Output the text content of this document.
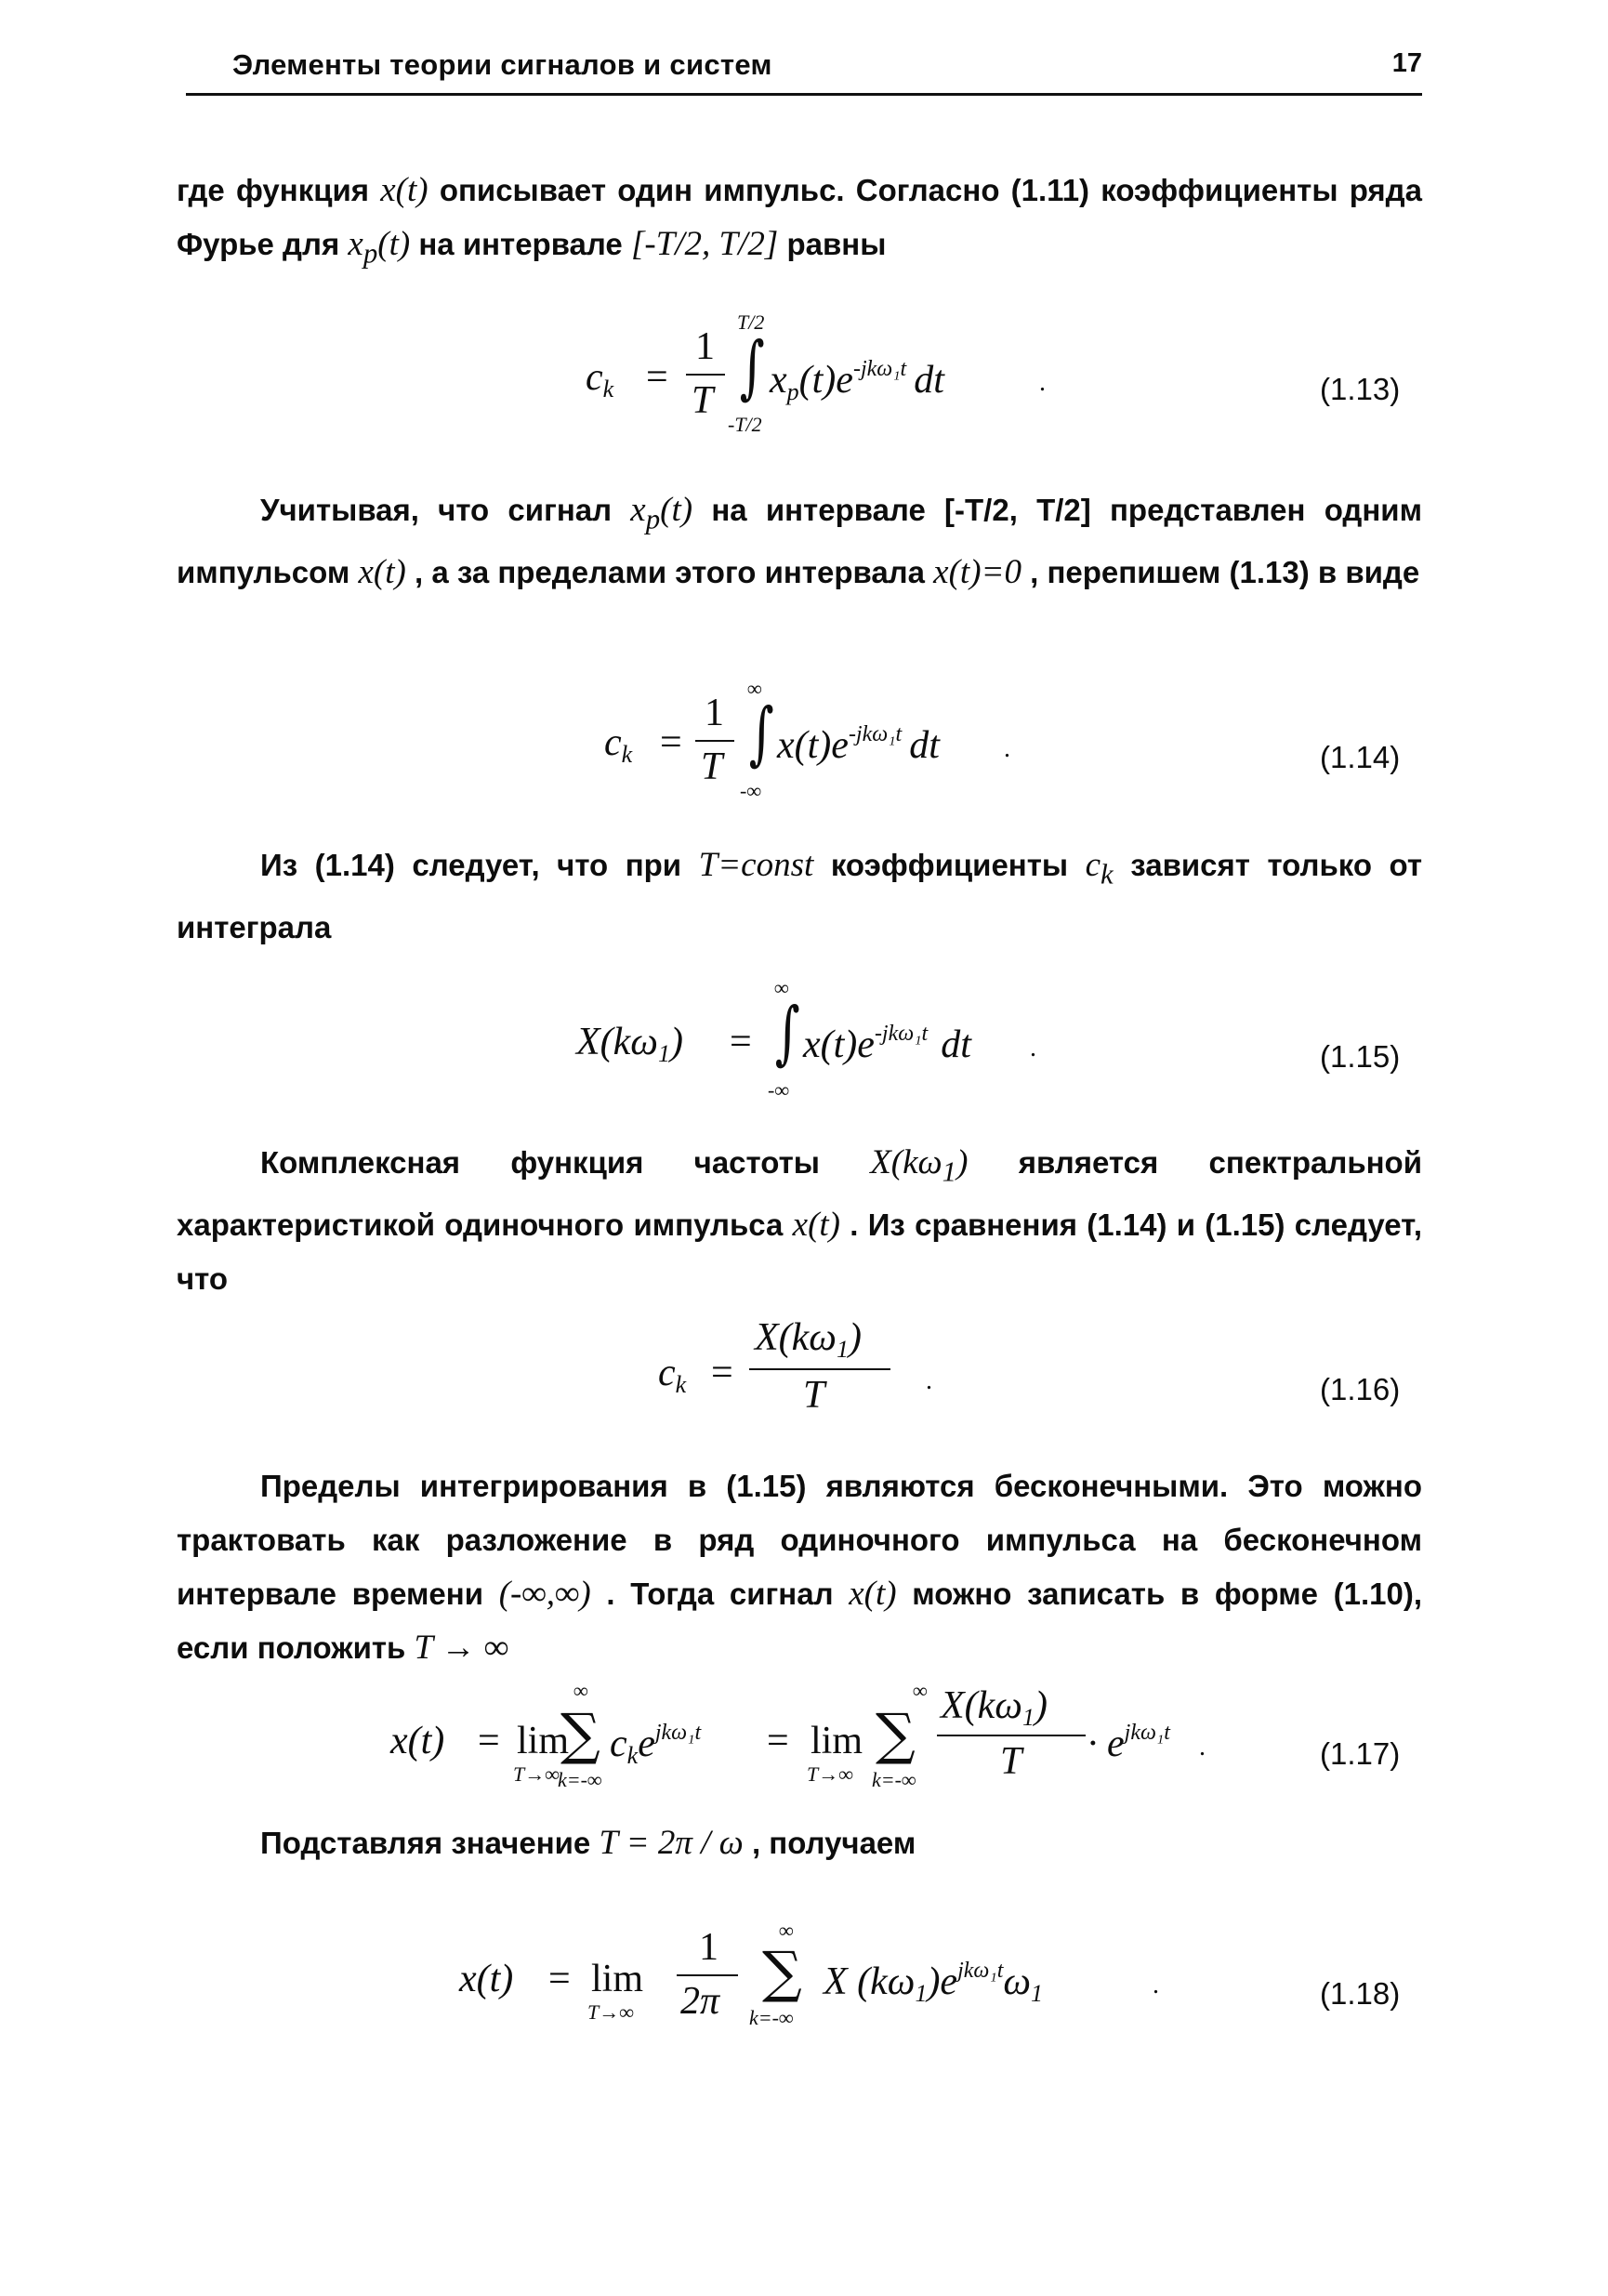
Элементы теории сигналов и систем	17
где функция x(t) описывает один импульс. Согласно (1.11) коэффициенты ряда Фурье для $x_p(t)$ на интервале [-T/2, T/2] равны
$c_k$ =
1
T
T/2
∫
-T/2
$x_p(t)e^{-jk\omega_1t}$ dt	.	(1.13)
Учитывая, что сигнал $x_p(t)$ на интервале [-T/2, T/2] представлен одним импульсом x(t) , а за пределами этого интервала x(t)=0 , перепишем (1.13) в виде
$c_k$ =
1
T
∞
∫
-∞
$x(t)e^{-jk\omega_1t}$ dt .	(1.14)
Из (1.14) следует, что при T=const коэффициенты $c_k$ зависят только от интеграла
$X(k\omega_1)$ =
∞
∫
-∞
$x(t)e^{-jk\omega_1t}$ dt .	(1.15)
Комплексная функция частоты $X(k\omega_1)$ является спектральной характеристикой одиночного импульса x(t) . Из сравнения (1.14) и (1.15) следует, что
$c_k$ =
$X(k\omega_1)$
T	.	(1.16)
Пределы интегрирования в (1.15) являются бесконечными. Это можно трактовать как разложение в ряд одиночного импульса на бесконечном интервале времени (-∞,∞) . Тогда сигнал x(t) можно записать в форме (1.10), если положить T → ∞
x(t) = lim
T→∞
∞
∑
k=-∞
$c_ke^{jk\omega_1t} = \lim$
T→∞
∞
∑
k=-∞
$X(k\omega_1)$
$T \cdot e^{jk\omega_1t}$ .	(1.17)
Подставляя значение T = 2π / ω , получаем
x(t) = lim
T→∞
1
2π
∞
∑
k=-∞
X $(k\omega_1)e^{jk\omega_1t}\omega_1$	.	(1.18)
